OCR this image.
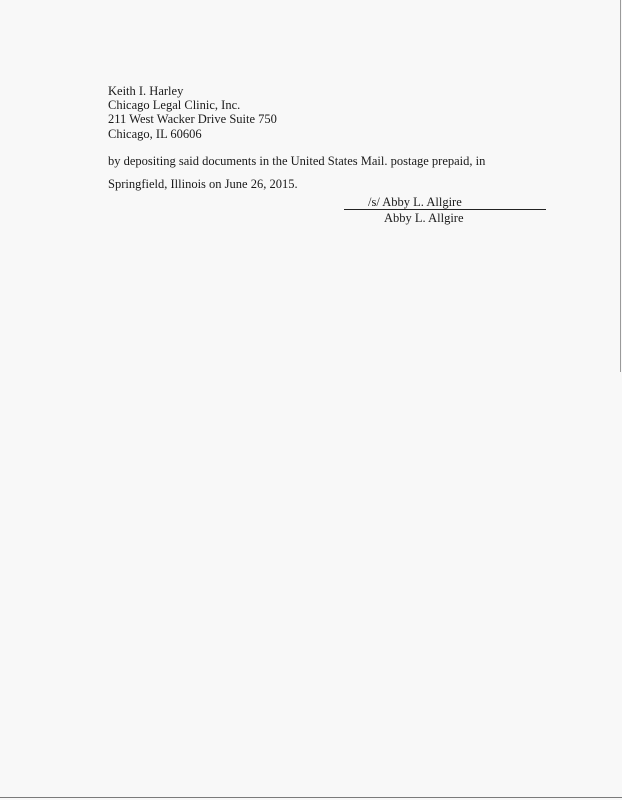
Keith I. Harley
Chicago Legal Clinic, Inc.
211 West Wacker Drive Suite 750
Chicago, IL 60606
by depositing said documents in the United States Mail. postage prepaid, in
Springfield, Illinois on June 26, 2015.
/s/ Abby L. Allgire
Abby L. Allgire
